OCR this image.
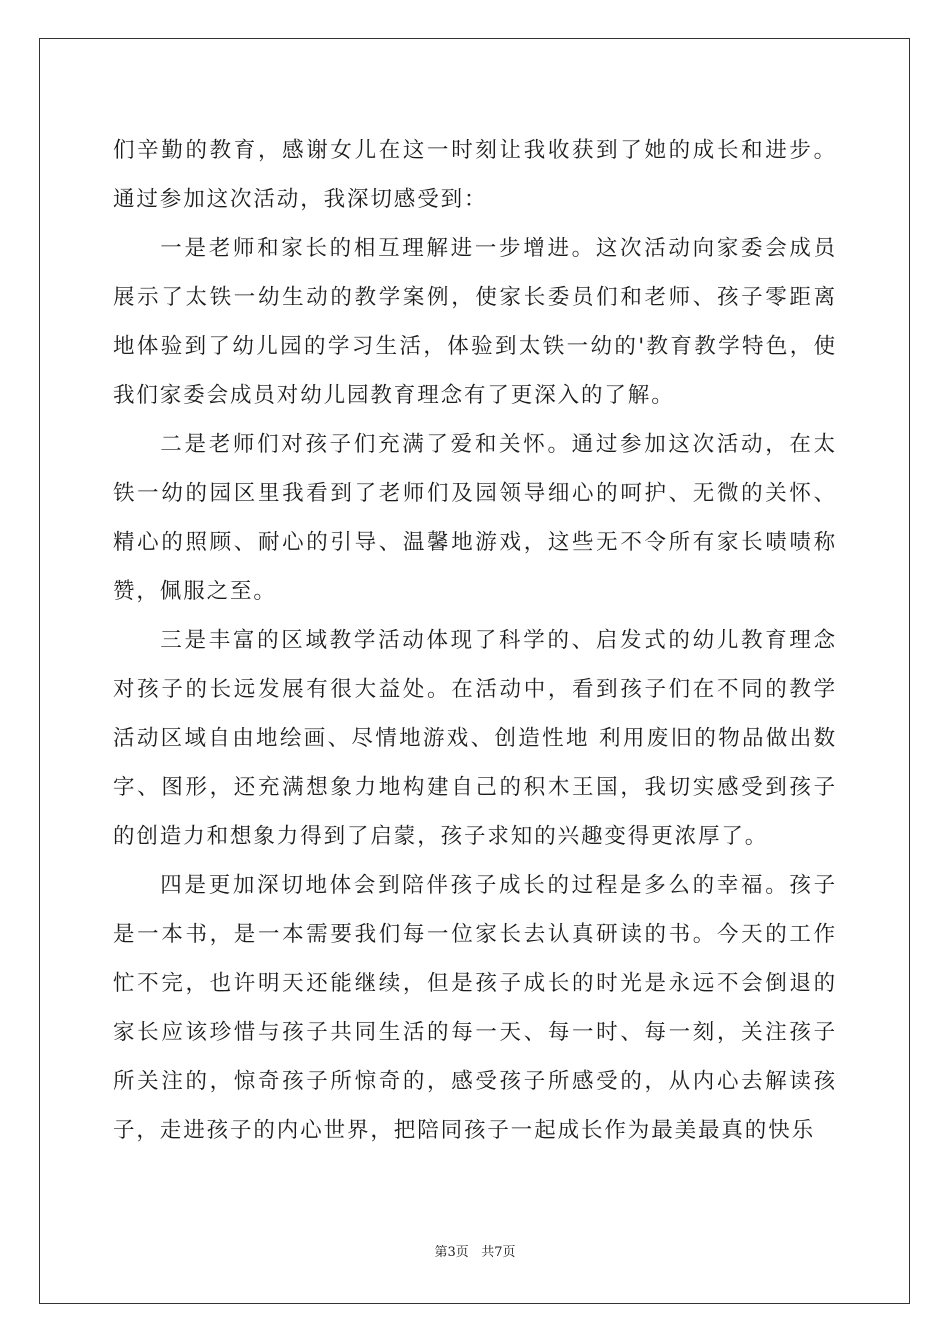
们辛勤的教育，感谢女儿在这一时刻让我收获到了她的成长和进步。通过参加这次活动，我深切感受到：

一是老师和家长的相互理解进一步增进。这次活动向家委会成员展示了太铁一幼生动的教学案例，使家长委员们和老师、孩子零距离地体验到了幼儿园的学习生活，体验到太铁一幼的'教育教学特色，使我们家委会成员对幼儿园教育理念有了更深入的了解。

二是老师们对孩子们充满了爱和关怀。通过参加这次活动，在太铁一幼的园区里我看到了老师们及园领导细心的呵护、无微的关怀、精心的照顾、耐心的引导、温馨地游戏，这些无不令所有家长啧啧称赞，佩服之至。

三是丰富的区域教学活动体现了科学的、启发式的幼儿教育理念对孩子的长远发展有很大益处。在活动中，看到孩子们在不同的教学活动区域自由地绘画、尽情地游戏、创造性地 利用废旧的物品做出数字、图形，还充满想象力地构建自己的积木王国，我切实感受到孩子的创造力和想象力得到了启蒙，孩子求知的兴趣变得更浓厚了。

四是更加深切地体会到陪伴孩子成长的过程是多么的幸福。孩子是一本书，是一本需要我们每一位家长去认真研读的书。今天的工作忙不完，也许明天还能继续，但是孩子成长的时光是永远不会倒退的家长应该珍惜与孩子共同生活的每一天、每一时、每一刻，关注孩子所关注的，惊奇孩子所惊奇的，感受孩子所感受的，从内心去解读孩子，走进孩子的内心世界，把陪同孩子一起成长作为最美最真的快乐

第3页 共7页
